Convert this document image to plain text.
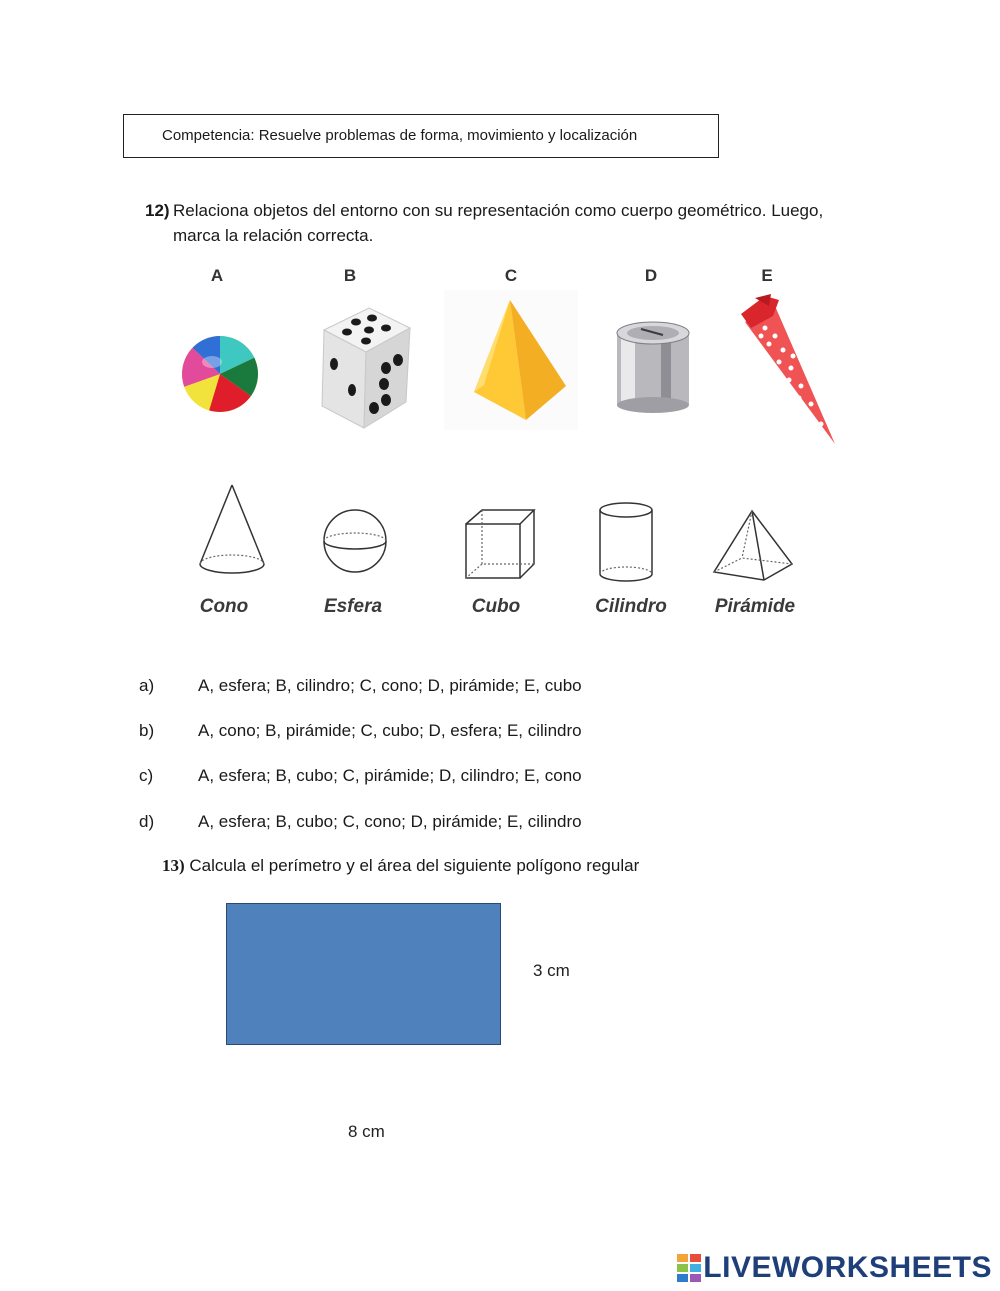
Competencia: Resuelve problemas de forma, movimiento y localización
12) Relaciona objetos del entorno con su representación como cuerpo geométrico. Luego, marca la relación correcta.
A	B	C	D	E
Cono	Esfera	Cubo	Cilindro	Pirámide
a)	A, esfera; B, cilindro; C, cono; D, pirámide; E, cubo
b)	A, cono; B, pirámide; C, cubo; D, esfera; E, cilindro
c)	A, esfera; B, cubo; C, pirámide; D, cilindro; E, cono
d)	A, esfera; B, cubo; C, cono; D, pirámide; E, cilindro
13) Calcula el perímetro y el área del siguiente polígono regular
3 cm
8 cm
LIVEWORKSHEETS
